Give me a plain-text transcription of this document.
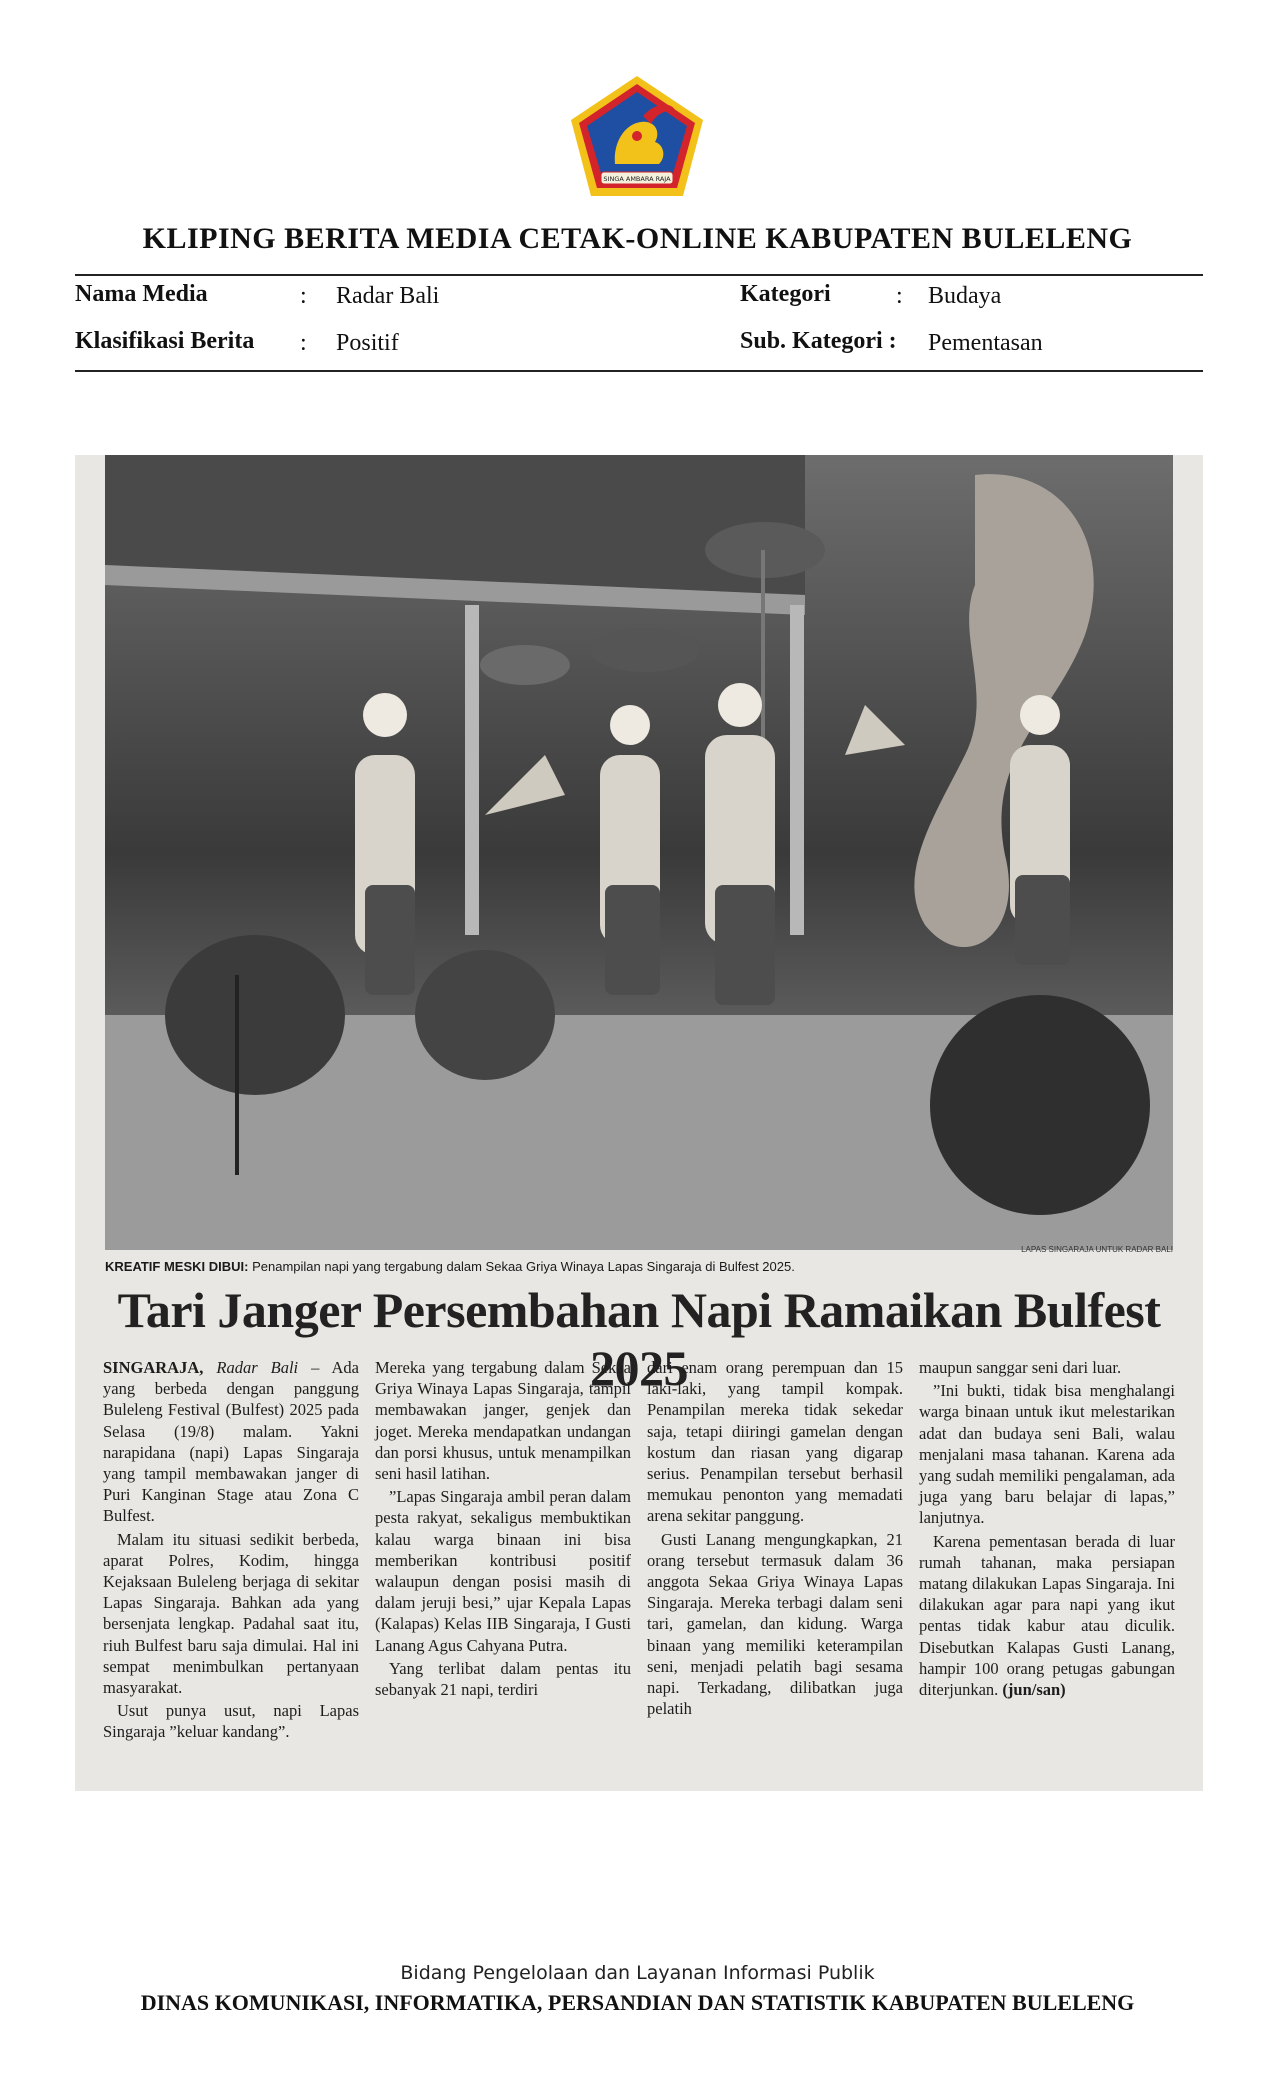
SINGA AMBARA RAJA
KLIPING BERITA MEDIA CETAK-ONLINE KABUPATEN BULELENG
Nama Media	: Radar Bali
Klasifikasi Berita : Positif
Kategori	: Budaya
Sub. Kategori : Pementasan
LAPAS SINGARAJA UNTUK RADAR BALI
KREATIF MESKI DIBUI: Penampilan napi yang tergabung dalam Sekaa Griya Winaya Lapas Singaraja di Bulfest 2025.
Tari Janger Persembahan Napi Ramaikan Bulfest 2025

SINGARAJA, Radar Bali – Ada yang berbeda dengan panggung Buleleng Festival (Bulfest) 2025 pada Selasa (19/8) malam. Yakni narapidana (napi) Lapas Singaraja yang tampil membawakan janger di Puri Kanginan Stage atau Zona C Bulfest.

Malam itu situasi sedikit berbeda, aparat Polres, Kodim, hingga Kejaksaan Buleleng berjaga di sekitar Lapas Singaraja. Bahkan ada yang bersenjata lengkap. Padahal saat itu, riuh Bulfest baru saja dimulai. Hal ini sempat menimbulkan pertanyaan masyarakat.

Usut punya usut, napi Lapas Singaraja ”keluar kandang”.

Mereka yang tergabung dalam Sekaa Griya Winaya Lapas Singaraja, tampil membawakan janger, genjek dan joget. Mereka mendapatkan undangan dan porsi khusus, untuk menampilkan seni hasil latihan.

”Lapas Singaraja ambil peran dalam pesta rakyat, sekaligus membuktikan kalau warga binaan ini bisa memberikan kontribusi positif walaupun dengan posisi masih di dalam jeruji besi,” ujar Kepala Lapas (Kalapas) Kelas IIB Singaraja, I Gusti Lanang Agus Cahyana Putra.

Yang terlibat dalam pentas itu sebanyak 21 napi, terdiri

dari enam orang perempuan dan 15 laki-laki, yang tampil kompak. Penampilan mereka tidak sekedar saja, tetapi diiringi gamelan dengan kostum dan riasan yang digarap serius. Penampilan tersebut berhasil memukau penonton yang memadati arena sekitar panggung.

Gusti Lanang mengungkapkan, 21 orang tersebut termasuk dalam 36 anggota Sekaa Griya Winaya Lapas Singaraja. Mereka terbagi dalam seni tari, gamelan, dan kidung. Warga binaan yang memiliki keterampilan seni, menjadi pelatih bagi sesama napi. Terkadang, dilibatkan juga pelatih

maupun sanggar seni dari luar.

”Ini bukti, tidak bisa menghalangi warga binaan untuk ikut melestarikan adat dan budaya seni Bali, walau menjalani masa tahanan. Karena ada yang sudah memiliki pengalaman, ada juga yang baru belajar di lapas,” lanjutnya.

Karena pementasan berada di luar rumah tahanan, maka persiapan matang dilakukan Lapas Singaraja. Ini dilakukan agar para napi yang ikut pentas tidak kabur atau diculik. Disebutkan Kalapas Gusti Lanang, hampir 100 orang petugas gabungan diterjunkan. (jun/san)

Bidang Pengelolaan dan Layanan Informasi Publik
DINAS KOMUNIKASI, INFORMATIKA, PERSANDIAN DAN STATISTIK KABUPATEN BULELENG
